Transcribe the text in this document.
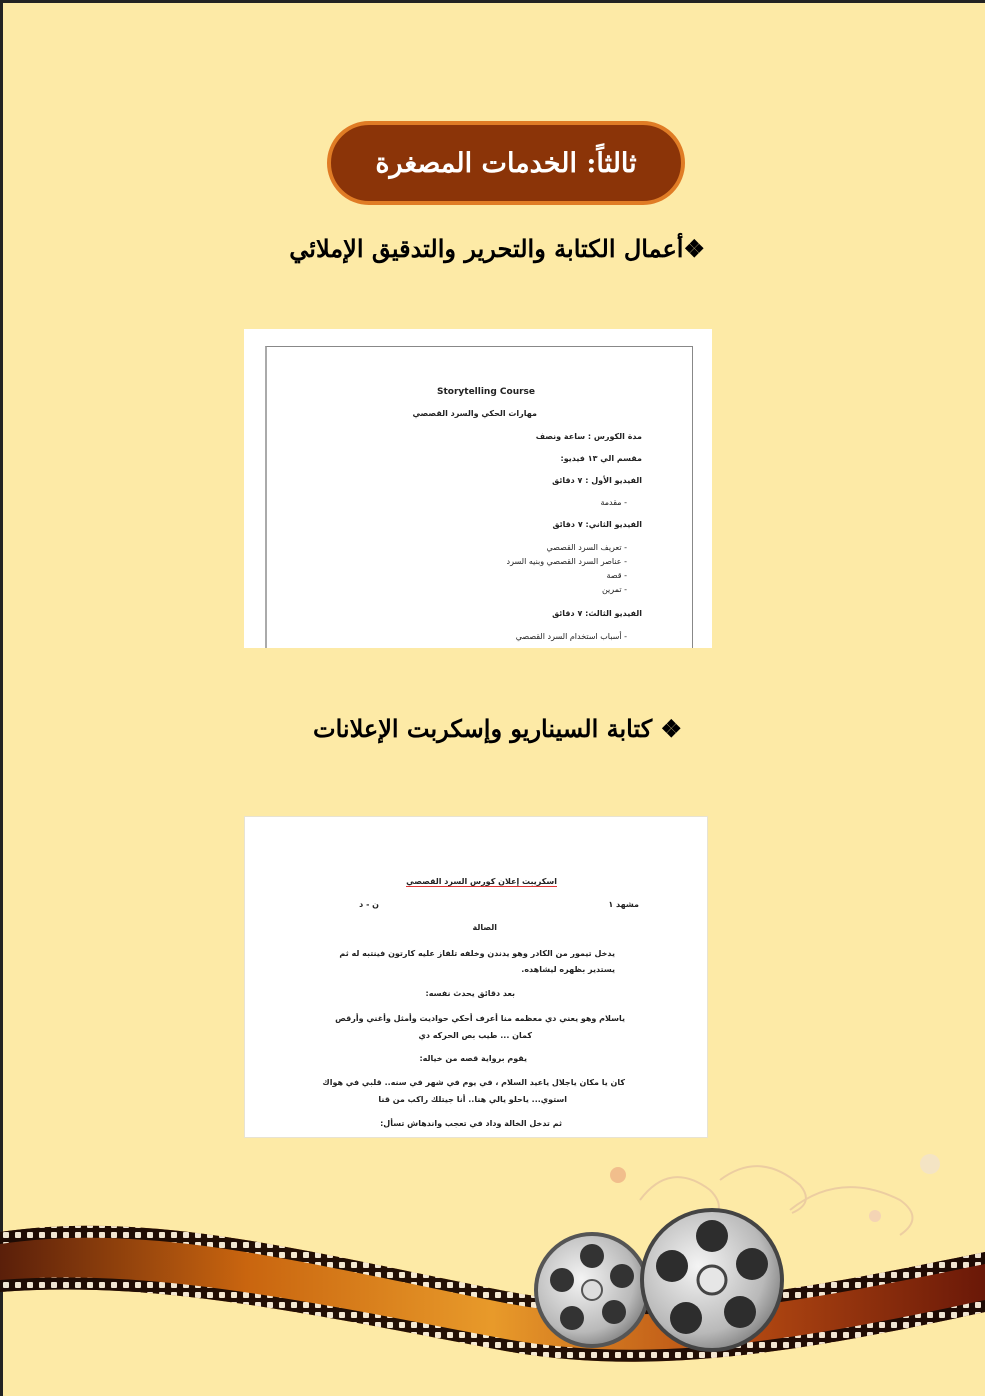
ثالثاً: الخدمات المصغرة
❖أعمال الكتابة والتحرير والتدقيق الإملائي
Storytelling Course
مهارات الحكي والسرد القصصي
مدة الكورس : ساعة ونصف
مقسم الي ١٣ فيديو:
الفيديو الأول : ٧ دقائق
- مقدمة
الفيديو الثاني: ٧ دقائق
- تعريف السرد القصصي
- عناصر السرد القصصي وبنيه السرد
- قصة
- تمرين
الفيديو الثالث: ٧ دقائق
- أسباب استخدام السرد القصصي
❖ كتابة السيناريو وإسكربت الإعلانات
اسكريبت إعلان كورس السرد القصصي
مشهد ١
ن - د
الصالة
يدخل تيمور من الكادر وهو يدندن وخلفه تلفاز عليه كارتون فينتبه له ثم
يستدير بظهره ليشاهده.
بعد دقائق يحدث نفسه:
ياسلام وهو يعني دي معظمه منا أعرف أحكي حواديت وأمثل وأغني وأرقص
كمان ... طيب بص الحركه دي
يقوم برواية قصه من خياله:
كان يا مكان ياجلال ياعيد السلام ، في يوم في شهر في سنه.. قلبي في هواك
استوي... ياحلو يالي هنا.. أنا جيتلك راكب من قنا
ثم تدخل الخالة وداد في تعجب واندهاش تسأل:
